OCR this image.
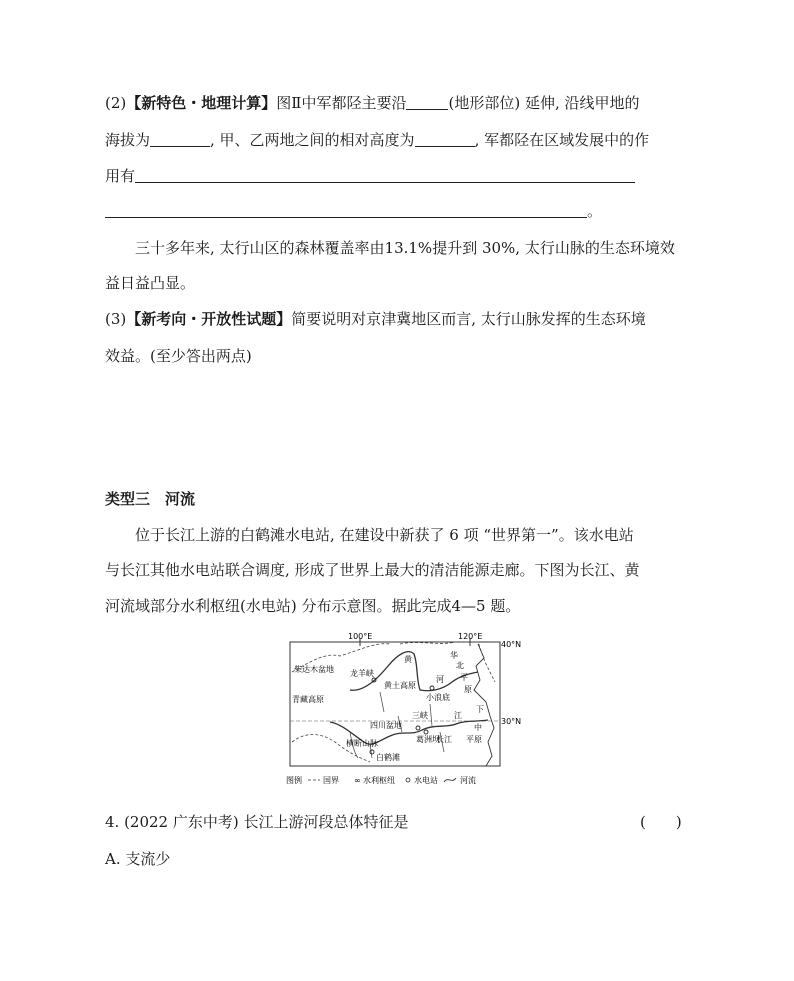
(2)【新特色・地理计算】图Ⅱ中军都陉主要沿	(地形部位) 延伸, 沿线甲地的
海拔为	, 甲、乙两地之间的相对高度为	, 军都陉在区域发展中的作
用有
。
三十多年来, 太行山区的森林覆盖率由13.1%提升到 30%, 太行山脉的生态环境效
益日益凸显。
(3)【新考向・开放性试题】简要说明对京津冀地区而言, 太行山脉发挥的生态环境
效益。(至少答出两点)
类型三　河流
位于长江上游的白鹤滩水电站, 在建设中新获了 6 项 “世界第一”。该水电站
与长江其他水电站联合调度, 形成了世界上最大的清洁能源走廊。下图为长江、黄
河流域部分水利枢纽(水电站) 分布示意图。据此完成4—5 题。
100°E	120°E
40°N
30°N
柴达木盆地 龙羊峡
黄	华
北
黄土高原
河 平
原
小浪底
青藏高原
三峡	江
下
四川盆地	中
葛洲坝
长江 平原
横断山脉
白鹤滩
图例	国界 ∞ 水利枢纽 水电站	河流
4. (2022 广东中考) 长江上游河段总体特征是	(　　)
A. 支流少
